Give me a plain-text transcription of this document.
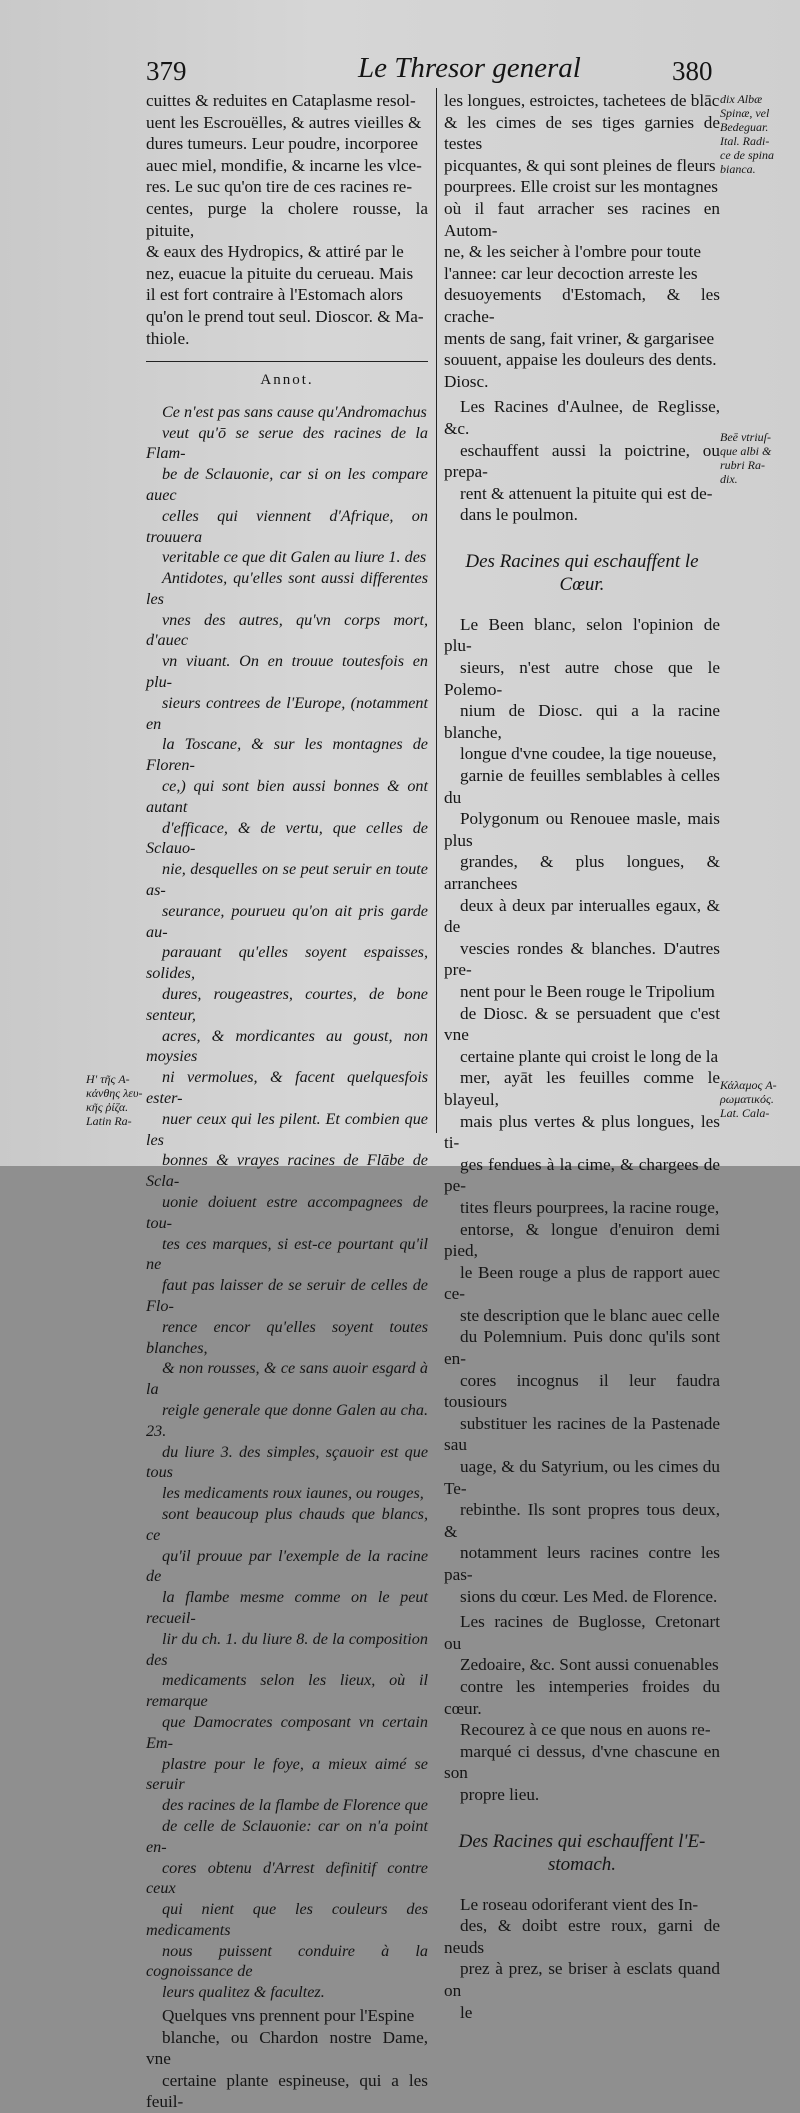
379	Le Thresor general	380
cuittes & reduites en Cataplasme resol-
uent les Escrouëlles, & autres vieilles &
dures tumeurs. Leur poudre, incorporee
auec miel, mondifie, & incarne les vlce-
res. Le suc qu'on tire de ces racines re-
centes, purge la cholere rousse, la pituite,
& eaux des Hydropics, & attiré par le
nez, euacue la pituite du cerueau. Mais
il est fort contraire à l'Estomach alors
qu'on le prend tout seul. Dioscor. & Ma-
thiole.
Annot.
Ce n'est pas sans cause qu'Andromachus
veut qu'ō se serue des racines de la Flam-
be de Sclauonie, car si on les compare auec
celles qui viennent d'Afrique, on trouuera
veritable ce que dit Galen au liure 1. des
Antidotes, qu'elles sont aussi differentes les
vnes des autres, qu'vn corps mort, d'auec
vn viuant. On en trouue toutesfois en plu-
sieurs contrees de l'Europe, (notamment en
la Toscane, & sur les montagnes de Floren-
ce,) qui sont bien aussi bonnes & ont autant
d'efficace, & de vertu, que celles de Sclauo-
nie, desquelles on se peut seruir en toute as-
seurance, pourueu qu'on ait pris garde au-
parauant qu'elles soyent espaisses, solides,
dures, rougeastres, courtes, de bone senteur,
acres, & mordicantes au goust, non moysies
ni vermolues, & facent quelquesfois ester-
nuer ceux qui les pilent. Et combien que les
bonnes & vrayes racines de Flābe de Scla-
uonie doiuent estre accompagnees de tou-
tes ces marques, si est-ce pourtant qu'il ne
faut pas laisser de se seruir de celles de Flo-
rence encor qu'elles soyent toutes blanches,
& non rousses, & ce sans auoir esgard à la
reigle generale que donne Galen au cha. 23.
du liure 3. des simples, sçauoir est que tous
les medicaments roux iaunes, ou rouges,
sont beaucoup plus chauds que blancs, ce
qu'il prouue par l'exemple de la racine de
la flambe mesme comme on le peut recueil-
lir du ch. 1. du liure 8. de la composition des
medicaments selon les lieux, où il remarque
que Damocrates composant vn certain Em-
plastre pour le foye, a mieux aimé se seruir
des racines de la flambe de Florence que
de celle de Sclauonie: car on n'a point en-
cores obtenu d'Arrest definitif contre ceux
qui nient que les couleurs des medicaments
nous puissent conduire à la cognoissance de
leurs qualitez & facultez.
Quelques vns prennent pour l'Espine
blanche, ou Chardon nostre Dame, vne
certaine plante espineuse, qui a les feuil-
les longues, estroictes, tachetees de blāc
& les cimes de ses tiges garnies de testes
picquantes, & qui sont pleines de fleurs
pourprees. Elle croist sur les montagnes
où il faut arracher ses racines en Autom-
ne, & les seicher à l'ombre pour toute
l'annee: car leur decoction arreste les
desuoyements d'Estomach, & les crache-
ments de sang, fait vriner, & gargarisee
souuent, appaise les douleurs des dents.
Diosc.
Les Racines d'Aulnee, de Reglisse, &c.
eschauffent aussi la poictrine, ou prepa-
rent & attenuent la pituite qui est de-
dans le poulmon.
Des Racines qui eschauffent le
Cœur.
Le Been blanc, selon l'opinion de plu-
sieurs, n'est autre chose que le Polemo-
nium de Diosc. qui a la racine blanche,
longue d'vne coudee, la tige noueuse,
garnie de feuilles semblables à celles du
Polygonum ou Renouee masle, mais plus
grandes, & plus longues, & arranchees
deux à deux par interualles egaux, & de
vescies rondes & blanches. D'autres pre-
nent pour le Been rouge le Tripolium
de Diosc. & se persuadent que c'est vne
certaine plante qui croist le long de la
mer, ayāt les feuilles comme le blayeul,
mais plus vertes & plus longues, les ti-
ges fendues à la cime, & chargees de pe-
tites fleurs pourprees, la racine rouge,
entorse, & longue d'enuiron demi pied,
le Been rouge a plus de rapport auec ce-
ste description que le blanc auec celle
du Polemnium. Puis donc qu'ils sont en-
cores incognus il leur faudra tousiours
substituer les racines de la Pastenade sau
uage, & du Satyrium, ou les cimes du Te-
rebinthe. Ils sont propres tous deux, &
notamment leurs racines contre les pas-
sions du cœur. Les Med. de Florence.
Les racines de Buglosse, Cretonart ou
Zedoaire, &c. Sont aussi conuenables
contre les intemperies froides du cœur.
Recourez à ce que nous en auons re-
marqué ci dessus, d'vne chascune en son
propre lieu.
Des Racines qui eschauffent l'E-
stomach.
Le roseau odoriferant vient des In-
des, & doibt estre roux, garni de neuds
prez à prez, se briser à esclats quand on
le
dix Albæ
Spinæ, vel
Bedeguar.
Ital. Radi-
ce de spina
bianca.
Beē vtriuſ-
que albi &
rubri Ra-
dix.
Κάλαμος A-
ρωματικός.
Lat. Cala-
Η' τῆς A-
κάνθης λευ-
κῆς ῥίζα.
Latin Ra-
